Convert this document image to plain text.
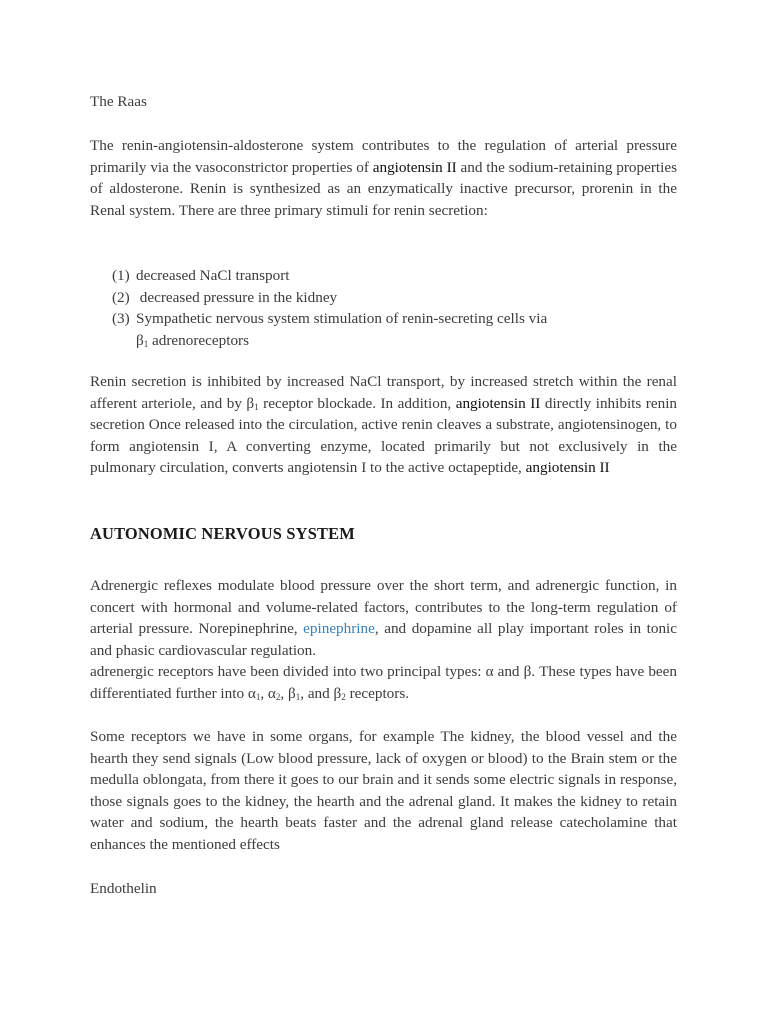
The Raas

The renin-angiotensin-aldosterone system contributes to the regulation of arterial pressure primarily via the vasoconstrictor properties of angiotensin II and the sodium-retaining properties of aldosterone. Renin is synthesized as an enzymatically inactive precursor, prorenin in the Renal system. There are three primary stimuli for renin secretion:

(1) decreased NaCl transport
(2) decreased pressure in the kidney
(3) Sympathetic nervous system stimulation of renin-secreting cells via
$\beta_1$ adrenoreceptors

Renin secretion is inhibited by increased NaCl transport, by increased stretch within the renal afferent arteriole, and by $\beta_1$ receptor blockade. In addition, angiotensin II directly inhibits renin secretion Once released into the circulation, active renin cleaves a substrate, angiotensinogen, to form angiotensin I, A converting enzyme, located primarily but not exclusively in the pulmonary circulation, converts angiotensin I to the active octapeptide, angiotensin II

AUTONOMIC NERVOUS SYSTEM

Adrenergic reflexes modulate blood pressure over the short term, and adrenergic function, in concert with hormonal and volume-related factors, contributes to the long-term regulation of arterial pressure. Norepinephrine, epinephrine, and dopamine all play important roles in tonic and phasic cardiovascular regulation.
adrenergic receptors have been divided into two principal types: α and β. These types have been differentiated further into $\alpha_1$, $\alpha_2$, $\beta_1$, and $\beta_2$ receptors.

Some receptors we have in some organs, for example The kidney, the blood vessel and the hearth they send signals (Low blood pressure, lack of oxygen or blood) to the Brain stem or the medulla oblongata, from there it goes to our brain and it sends some electric signals in response, those signals goes to the kidney, the hearth and the adrenal gland. It makes the kidney to retain water and sodium, the hearth beats faster and the adrenal gland release catecholamine that enhances the mentioned effects

Endothelin
